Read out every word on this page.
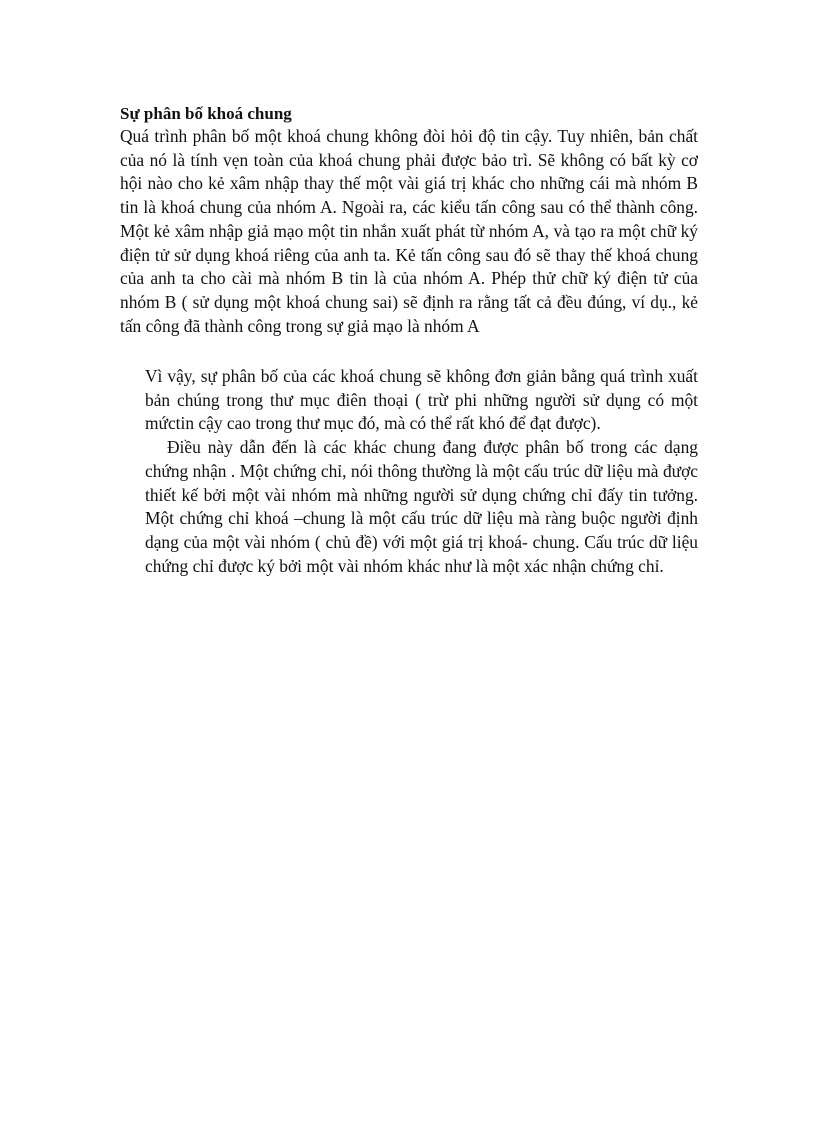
Sự phân bố khoá chung

Quá trình phân bố một khoá chung không đòi hỏi độ tin cậy. Tuy nhiên, bản chất của nó là tính vẹn toàn của khoá chung phải được bảo trì. Sẽ không có bất kỳ cơ hội nào cho kẻ xâm nhập thay thế một vài giá trị khác cho những cái mà nhóm B tin là khoá chung của nhóm A. Ngoài ra, các kiểu tấn công sau có thể thành công. Một kẻ xâm nhập giả mạo một tin nhắn xuất phát từ nhóm A, và tạo ra một chữ ký điện tử sử dụng khoá riêng của anh ta. Kẻ tấn công sau đó sẽ thay thế khoá chung của anh ta cho cài mà nhóm B tin là của nhóm A. Phép thử chữ ký điện tử của nhóm B ( sử dụng một khoá chung sai) sẽ định ra rằng tất cả đều đúng, ví dụ., kẻ tấn công đã thành công trong sự giả mạo là nhóm A

Vì vậy, sự phân bố của các khoá chung sẽ không đơn giản bằng quá trình xuất bản chúng trong thư mục điên thoại ( trừ phi những người sử dụng có một mứctin cậy cao trong thư mục đó, mà có thể rất khó để đạt được).

Điều này dẫn đến là các khác chung đang được phân bố trong các dạng chứng nhận . Một chứng chỉ, nói thông thường là một cấu trúc dữ liệu mà được thiết kế bởi một vài nhóm mà những người sử dụng chứng chỉ đấy tin tưởng. Một chứng chỉ khoá –chung là một cấu trúc dữ liệu mà ràng buộc người định dạng của một vài nhóm ( chủ đề) với một giá trị khoá- chung. Cấu trúc dữ liệu chứng chỉ được ký bởi một vài nhóm khác như là một xác nhận chứng chỉ.
